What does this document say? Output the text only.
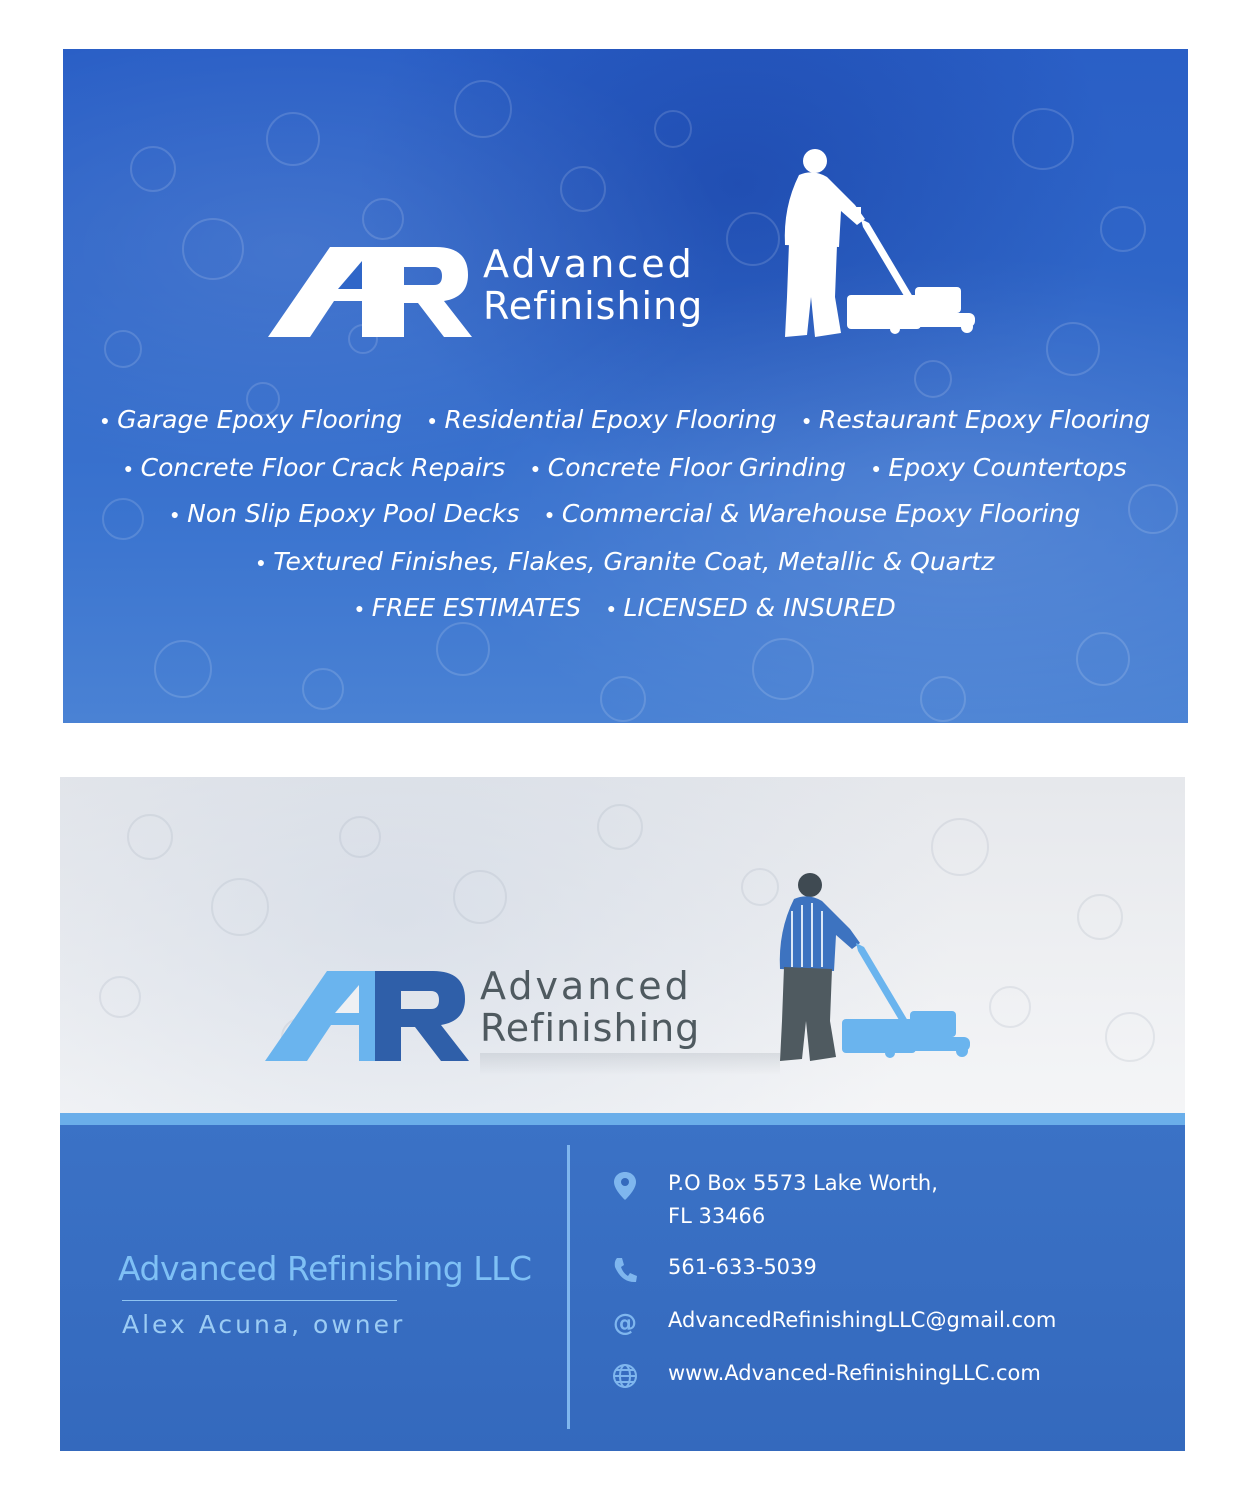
Advanced
Refinishing
● Garage Epoxy Flooring ● Residential Epoxy Flooring ● Restaurant Epoxy Flooring
● Concrete Floor Crack Repairs ● Concrete Floor Grinding ● Epoxy Countertops
● Non Slip Epoxy Pool Decks ● Commercial & Warehouse Epoxy Flooring
● Textured Finishes, Flakes, Granite Coat, Metallic & Quartz
● FREE ESTIMATES ● LICENSED & INSURED
Advanced
Refinishing
Advanced Refinishing LLC
Alex Acuna, owner
P.O Box 5573 Lake Worth,
FL 33466
561-633-5039
@ AdvancedRefinishingLLC@gmail.com
www.Advanced-RefinishingLLC.com
